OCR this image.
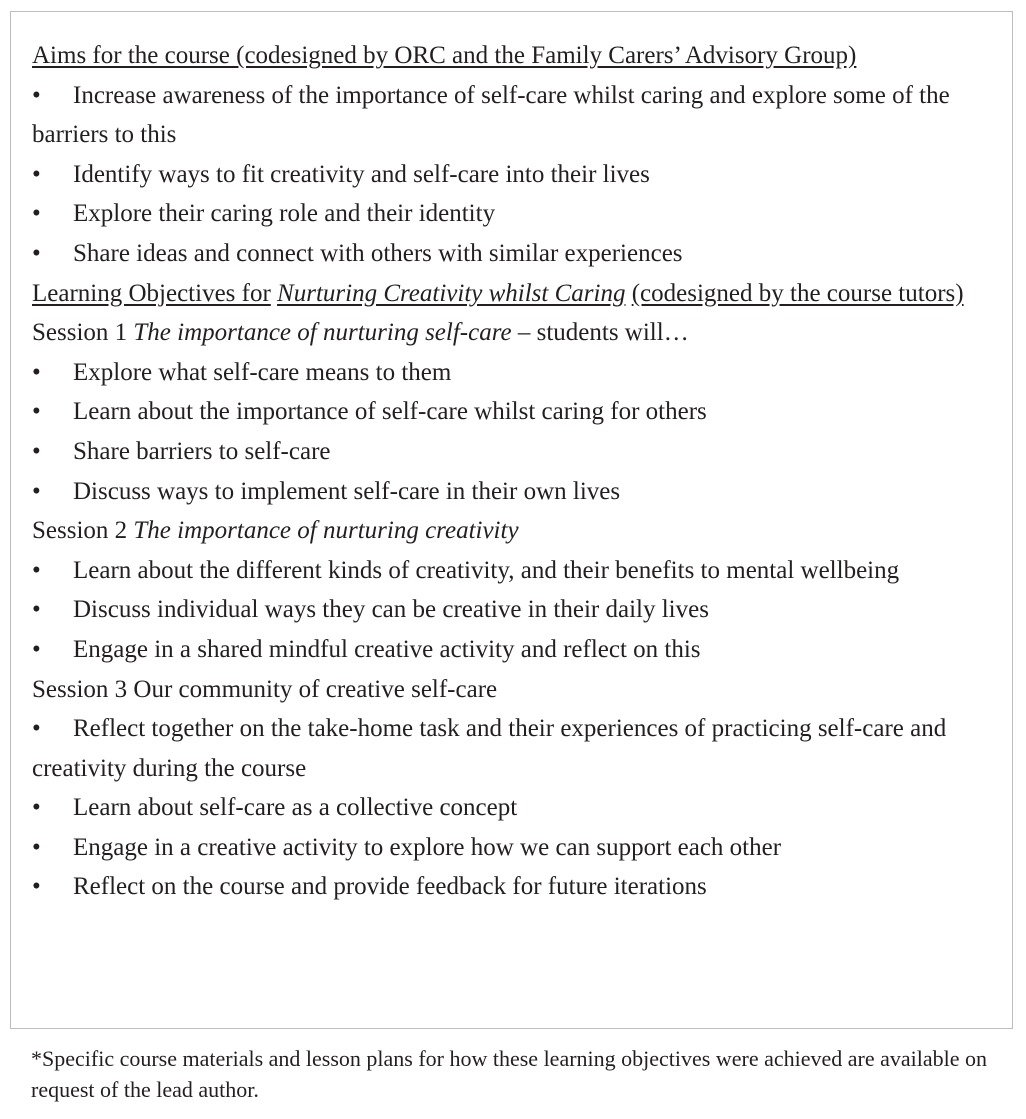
Aims for the course (codesigned by ORC and the Family Carers’ Advisory Group)

• Increase awareness of the importance of self-care whilst caring and explore some of the barriers to this

• Identify ways to fit creativity and self-care into their lives

• Explore their caring role and their identity

• Share ideas and connect with others with similar experiences

Learning Objectives for Nurturing Creativity whilst Caring (codesigned by the course tutors)

Session 1 The importance of nurturing self-care – students will…

• Explore what self-care means to them

• Learn about the importance of self-care whilst caring for others

• Share barriers to self-care

• Discuss ways to implement self-care in their own lives

Session 2 The importance of nurturing creativity

• Learn about the different kinds of creativity, and their benefits to mental wellbeing

• Discuss individual ways they can be creative in their daily lives

• Engage in a shared mindful creative activity and reflect on this

Session 3 Our community of creative self-care

• Reflect together on the take-home task and their experiences of practicing self-care and creativity during the course

• Learn about self-care as a collective concept

• Engage in a creative activity to explore how we can support each other

• Reflect on the course and provide feedback for future iterations

*Specific course materials and lesson plans for how these learning objectives were achieved are available on request of the lead author.
